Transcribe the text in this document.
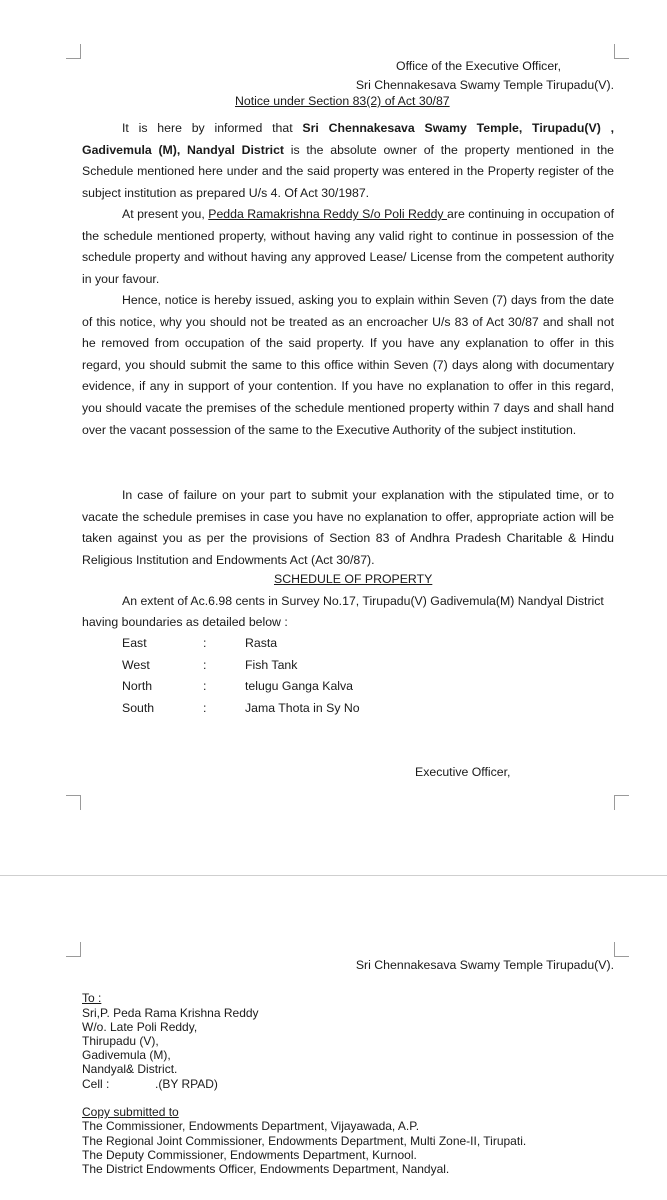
Office of the Executive Officer,

Sri Chennakesava Swamy Temple Tirupadu(V).

Notice under Section 83(2) of Act 30/87

It is here by informed that Sri Chennakesava Swamy Temple, Tirupadu(V) , Gadivemula (M), Nandyal District is the absolute owner of the property mentioned in the Schedule mentioned here under and the said property was entered in the Property register of the subject institution as prepared U/s 4. Of Act 30/1987.

At present you, Pedda Ramakrishna Reddy S/o Poli Reddy are continuing in occupation of the schedule mentioned property, without having any valid right to continue in possession of the schedule property and without having any approved Lease/ License from the competent authority in your favour.

Hence, notice is hereby issued, asking you to explain within Seven (7) days from the date of this notice, why you should not be treated as an encroacher U/s 83 of Act 30/87 and shall not he removed from occupation of the said property. If you have any explanation to offer in this regard, you should submit the same to this office within Seven (7) days along with documentary evidence, if any in support of your contention. If you have no explanation to offer in this regard, you should vacate the premises of the schedule mentioned property within 7 days and shall hand over the vacant possession of the same to the Executive Authority of the subject institution.

In case of failure on your part to submit your explanation with the stipulated time, or to vacate the schedule premises in case you have no explanation to offer, appropriate action will be taken against you as per the provisions of Section 83 of Andhra Pradesh Charitable & Hindu Religious Institution and Endowments Act (Act 30/87).

SCHEDULE OF PROPERTY

An extent of Ac.6.98 cents in Survey No.17, Tirupadu(V) Gadivemula(M) Nandyal District

having boundaries as detailed below :

East	:	Rasta
West	:	Fish Tank
North	:	telugu Ganga Kalva
South	:	Jama Thota in Sy No

Executive Officer,

Sri Chennakesava Swamy Temple Tirupadu(V).

To :

Sri,P. Peda Rama Krishna Reddy

W/o. Late Poli Reddy,

Thirupadu (V),

Gadivemula (M),

Nandyal& District.

Cell :	.(BY RPAD)

Copy submitted to

The Commissioner, Endowments Department, Vijayawada, A.P.

The Regional Joint Commissioner, Endowments Department, Multi Zone-II, Tirupati.

The Deputy Commissioner, Endowments Department, Kurnool.

The District Endowments Officer, Endowments Department, Nandyal.
